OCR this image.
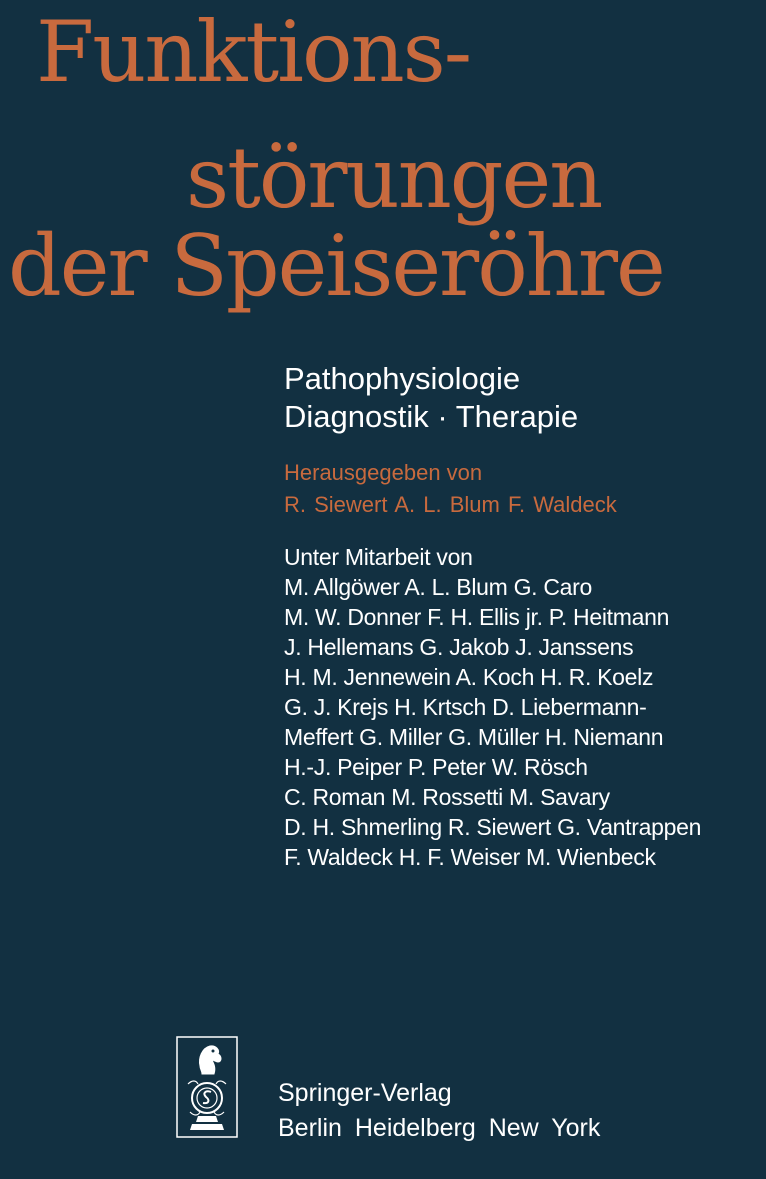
Funktions-
störungen
der Speiseröhre
Pathophysiologie
Diagnostik · Therapie
Herausgegeben von
R. Siewert A. L. Blum F. Waldeck
Unter Mitarbeit von
M. Allgöwer A. L. Blum G. Caro
M. W. Donner F. H. Ellis jr. P. Heitmann
J. Hellemans G. Jakob J. Janssens
H. M. Jennewein A. Koch H. R. Koelz
G. J. Krejs H. Krtsch D. Liebermann-
Meffert G. Miller G. Müller H. Niemann
H.-J. Peiper P. Peter W. Rösch
C. Roman M. Rossetti M. Savary
D. H. Shmerling R. Siewert G. Vantrappen
F. Waldeck H. F. Weiser M. Wienbeck
Springer-Verlag
Berlin Heidelberg New York
